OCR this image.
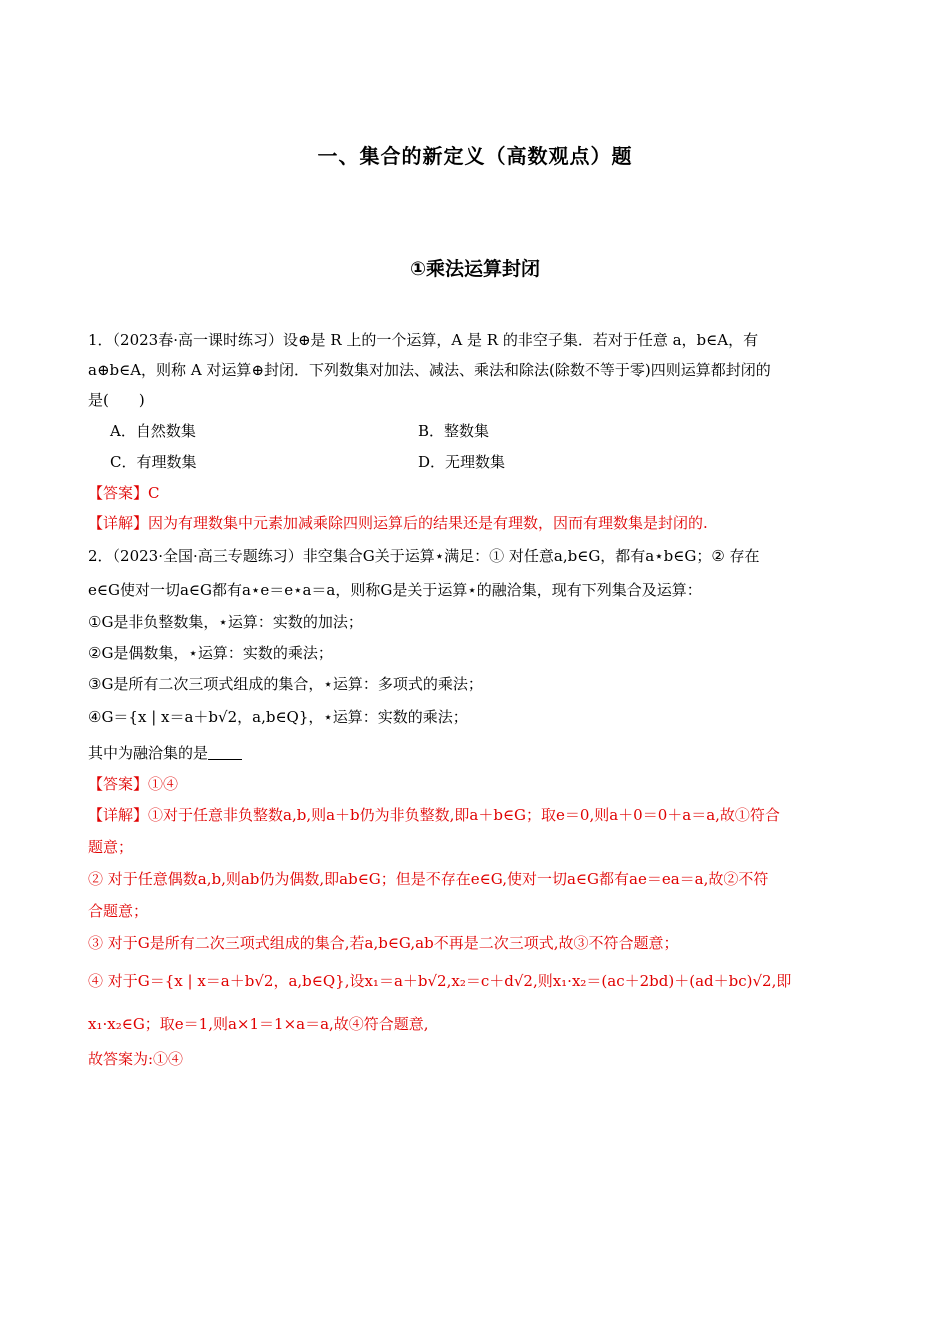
一、集合的新定义（高数观点）题
①乘法运算封闭
1．（2023春·高一课时练习）设⊕是 R 上的一个运算，A 是 R 的非空子集．若对于任意 a，b∈A，有
a⊕b∈A，则称 A 对运算⊕封闭．下列数集对加法、减法、乘法和除法(除数不等于零)四则运算都封闭的
是(　　)
A．自然数集	B．整数集
C．有理数集	D．无理数集
【答案】C
【详解】因为有理数集中元素加减乘除四则运算后的结果还是有理数，因而有理数集是封闭的.
2．（2023·全国·高三专题练习）非空集合G关于运算⋆满足：① 对任意a,b∈G，都有a⋆b∈G；② 存在
e∈G使对一切a∈G都有a⋆e＝e⋆a＝a，则称G是关于运算⋆的融洽集，现有下列集合及运算：
①G是非负整数集，⋆运算：实数的加法；
②G是偶数集，⋆运算：实数的乘法；
③G是所有二次三项式组成的集合，⋆运算：多项式的乘法；
④G＝{x | x＝a＋b√2，a,b∈Q}，⋆运算：实数的乘法；
其中为融洽集的是
【答案】①④
【详解】①对于任意非负整数a,b,则a＋b仍为非负整数,即a＋b∈G；取e＝0,则a＋0＝0＋a＝a,故①符合
题意；
② 对于任意偶数a,b,则ab仍为偶数,即ab∈G；但是不存在e∈G,使对一切a∈G都有ae＝ea＝a,故②不符
合题意；
③ 对于G是所有二次三项式组成的集合,若a,b∈G,ab不再是二次三项式,故③不符合题意；
④ 对于G＝{x | x＝a＋b√2，a,b∈Q},设x₁＝a＋b√2,x₂＝c＋d√2,则x₁·x₂＝(ac＋2bd)＋(ad＋bc)√2,即
x₁·x₂∈G；取e＝1,则a×1＝1×a＝a,故④符合题意,
故答案为:①④
